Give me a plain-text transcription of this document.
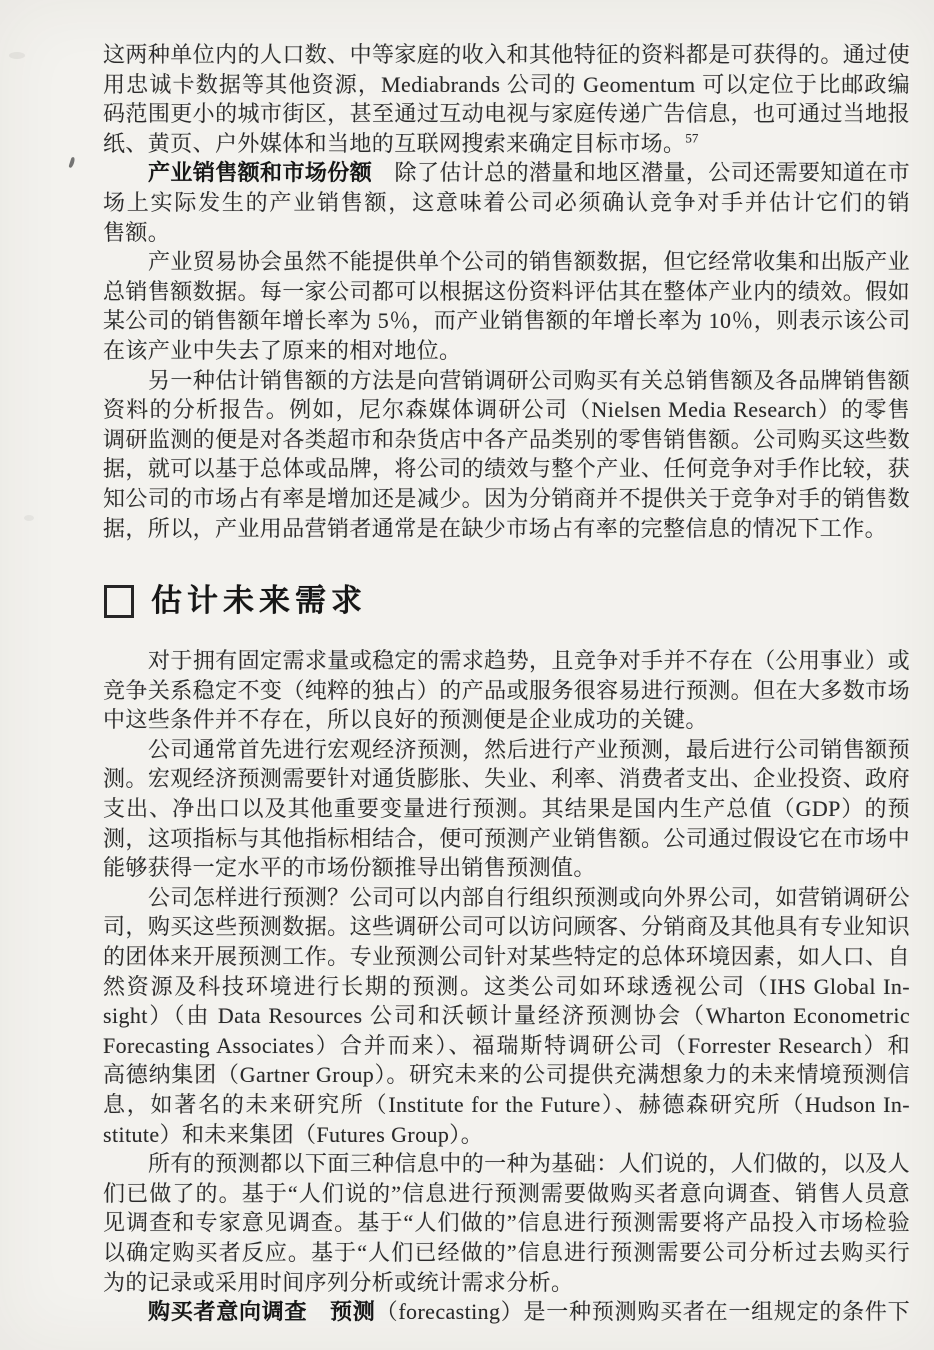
这两种单位内的人口数、中等家庭的收入和其他特征的资料都是可获得的。通过使
用忠诚卡数据等其他资源，Mediabrands 公司的 Geomentum 可以定位于比邮政编
码范围更小的城市街区，甚至通过互动电视与家庭传递广告信息，也可通过当地报
纸、黄页、户外媒体和当地的互联网搜索来确定目标市场。$^{57}$
产业销售额和市场份额　除了估计总的潜量和地区潜量，公司还需要知道在市
场上实际发生的产业销售额，这意味着公司必须确认竞争对手并估计它们的销
售额。
产业贸易协会虽然不能提供单个公司的销售额数据，但它经常收集和出版产业
总销售额数据。每一家公司都可以根据这份资料评估其在整体产业内的绩效。假如
某公司的销售额年增长率为 5％，而产业销售额的年增长率为 10％，则表示该公司
在该产业中失去了原来的相对地位。
另一种估计销售额的方法是向营销调研公司购买有关总销售额及各品牌销售额
资料的分析报告。例如，尼尔森媒体调研公司（Nielsen Media Research）的零售
调研监测的便是对各类超市和杂货店中各产品类别的零售销售额。公司购买这些数
据，就可以基于总体或品牌，将公司的绩效与整个产业、任何竞争对手作比较，获
知公司的市场占有率是增加还是减少。因为分销商并不提供关于竞争对手的销售数
据，所以，产业用品营销者通常是在缺少市场占有率的完整信息的情况下工作。
估计未来需求
对于拥有固定需求量或稳定的需求趋势，且竞争对手并不存在（公用事业）或
竞争关系稳定不变（纯粹的独占）的产品或服务很容易进行预测。但在大多数市场
中这些条件并不存在，所以良好的预测便是企业成功的关键。
公司通常首先进行宏观经济预测，然后进行产业预测，最后进行公司销售额预
测。宏观经济预测需要针对通货膨胀、失业、利率、消费者支出、企业投资、政府
支出、净出口以及其他重要变量进行预测。其结果是国内生产总值（GDP）的预
测，这项指标与其他指标相结合，便可预测产业销售额。公司通过假设它在市场中
能够获得一定水平的市场份额推导出销售预测值。
公司怎样进行预测？公司可以内部自行组织预测或向外界公司，如营销调研公
司，购买这些预测数据。这些调研公司可以访问顾客、分销商及其他具有专业知识
的团体来开展预测工作。专业预测公司针对某些特定的总体环境因素，如人口、自
然资源及科技环境进行长期的预测。这类公司如环球透视公司（IHS Global In-
sight）（由 Data Resources 公司和沃顿计量经济预测协会（Wharton Econometric
Forecasting Associates）合并而来）、福瑞斯特调研公司（Forrester Research）和
高德纳集团（Gartner Group）。研究未来的公司提供充满想象力的未来情境预测信
息，如著名的未来研究所（Institute for the Future）、赫德森研究所（Hudson In-
stitute）和未来集团（Futures Group）。
所有的预测都以下面三种信息中的一种为基础：人们说的，人们做的，以及人
们已做了的。基于“人们说的”信息进行预测需要做购买者意向调查、销售人员意
见调查和专家意见调查。基于“人们做的”信息进行预测需要将产品投入市场检验
以确定购买者反应。基于“人们已经做的”信息进行预测需要公司分析过去购买行
为的记录或采用时间序列分析或统计需求分析。
购买者意向调查　 预测（forecasting）是一种预测购买者在一组规定的条件下
